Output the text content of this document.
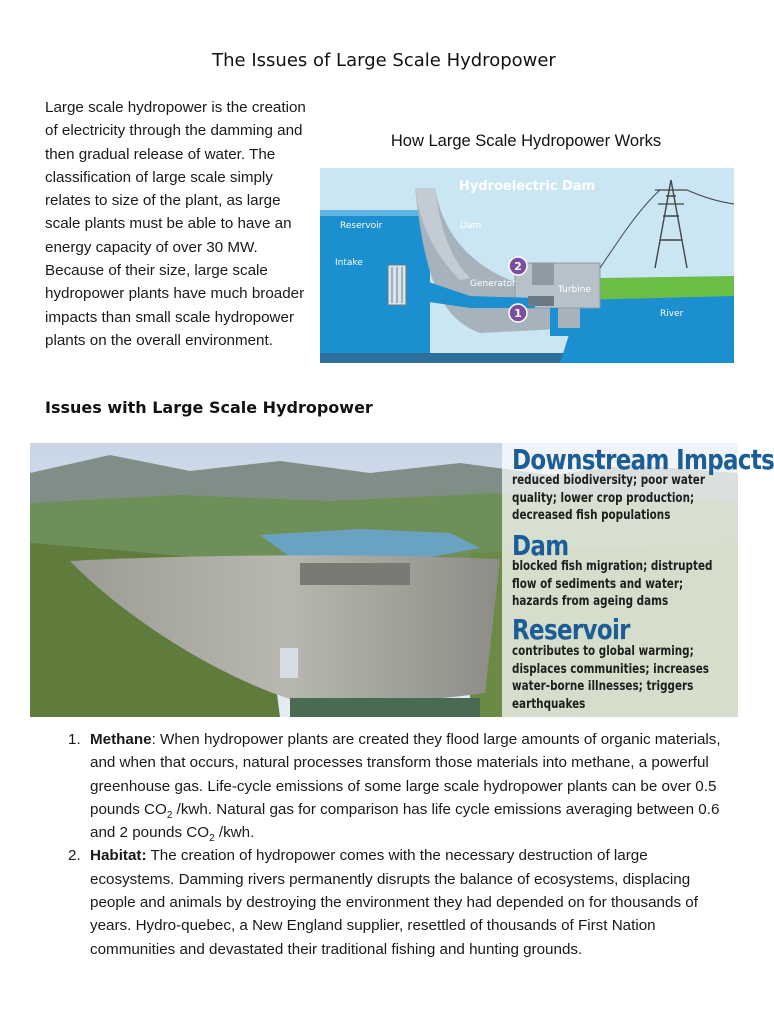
The Issues of Large Scale Hydropower
Large scale hydropower is the creation of electricity through the damming and then gradual release of water. The classification of large scale simply relates to size of the plant, as large scale plants must be able to have an energy capacity of over 30 MW. Because of their size, large scale hydropower plants have much broader impacts than small scale hydropower plants on the overall environment.
How Large Scale Hydropower Works
2
1
Hydroelectric Dam
Reservoir	Dam
Intake
Generator
Turbine
River
Issues with Large Scale Hydropower
Downstream Impacts
reduced biodiversity; poor water quality; lower crop production; decreased fish populations
Dam
blocked fish migration; distrupted flow of sediments and water; hazards from ageing dams
Reservoir
contributes to global warming; displaces communities; increases water-borne illnesses; triggers earthquakes
1. Methane: When hydropower plants are created they flood large amounts of organic materials, and when that occurs, natural processes transform those materials into methane, a powerful greenhouse gas. Life-cycle emissions of some large scale hydropower plants can be over 0.5 pounds $CO_2$ /kwh. Natural gas for comparison has life cycle emissions averaging between 0.6 and 2 pounds $CO_2$ /kwh.
2. Habitat: The creation of hydropower comes with the necessary destruction of large ecosystems. Damming rivers permanently disrupts the balance of ecosystems, displacing people and animals by destroying the environment they had depended on for thousands of years. Hydro-quebec, a New England supplier, resettled of thousands of First Nation communities and devastated their traditional fishing and hunting grounds.
